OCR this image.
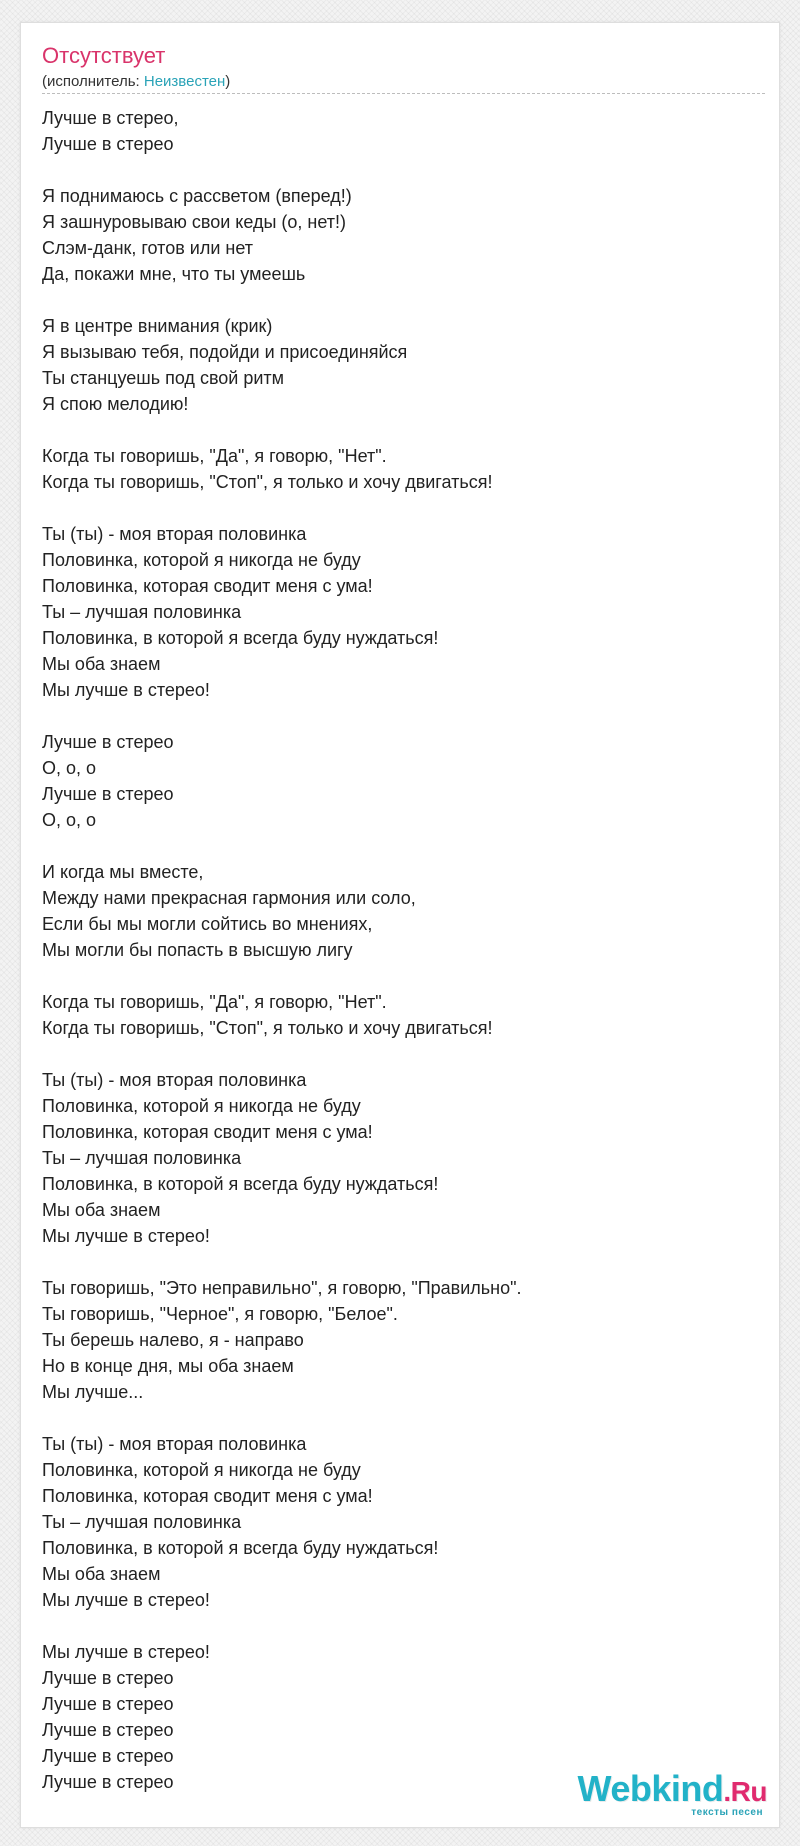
Отсутствует
(исполнитель: Неизвестен)
Лучше в стерео,
Лучше в стерео

Я поднимаюсь с рассветом (вперед!)
Я зашнуровываю свои кеды (о, нет!)
Слэм-данк, готов или нет
Да, покажи мне, что ты умеешь

Я в центре внимания (крик)
Я вызываю тебя, подойди и присоединяйся
Ты станцуешь под свой ритм
Я спою мелодию!

Когда ты говоришь, "Да", я говорю, "Нет".
Когда ты говоришь, "Стоп", я только и хочу двигаться!

Ты (ты) - моя вторая половинка
Половинка, которой я никогда не буду
Половинка, которая сводит меня с ума!
Ты – лучшая половинка
Половинка, в которой я всегда буду нуждаться!
Мы оба знаем
Мы лучше в стерео!

Лучше в стерео
О, о, о
Лучше в стерео
О, о, о

И когда мы вместе,
Между нами прекрасная гармония или соло,
Если бы мы могли сойтись во мнениях,
Мы могли бы попасть в высшую лигу

Когда ты говоришь, "Да", я говорю, "Нет".
Когда ты говоришь, "Стоп", я только и хочу двигаться!

Ты (ты) - моя вторая половинка
Половинка, которой я никогда не буду
Половинка, которая сводит меня с ума!
Ты – лучшая половинка
Половинка, в которой я всегда буду нуждаться!
Мы оба знаем
Мы лучше в стерео!

Ты говоришь, "Это неправильно", я говорю, "Правильно".
Ты говоришь, "Черное", я говорю, "Белое".
Ты берешь налево, я - направо
Но в конце дня, мы оба знаем
Мы лучше...

Ты (ты) - моя вторая половинка
Половинка, которой я никогда не буду
Половинка, которая сводит меня с ума!
Ты – лучшая половинка
Половинка, в которой я всегда буду нуждаться!
Мы оба знаем
Мы лучше в стерео!

Мы лучше в стерео!
Лучше в стерео
Лучше в стерео
Лучше в стерео
Лучше в стерео
Лучше в стерео	Webkind.Ru
тексты песен
